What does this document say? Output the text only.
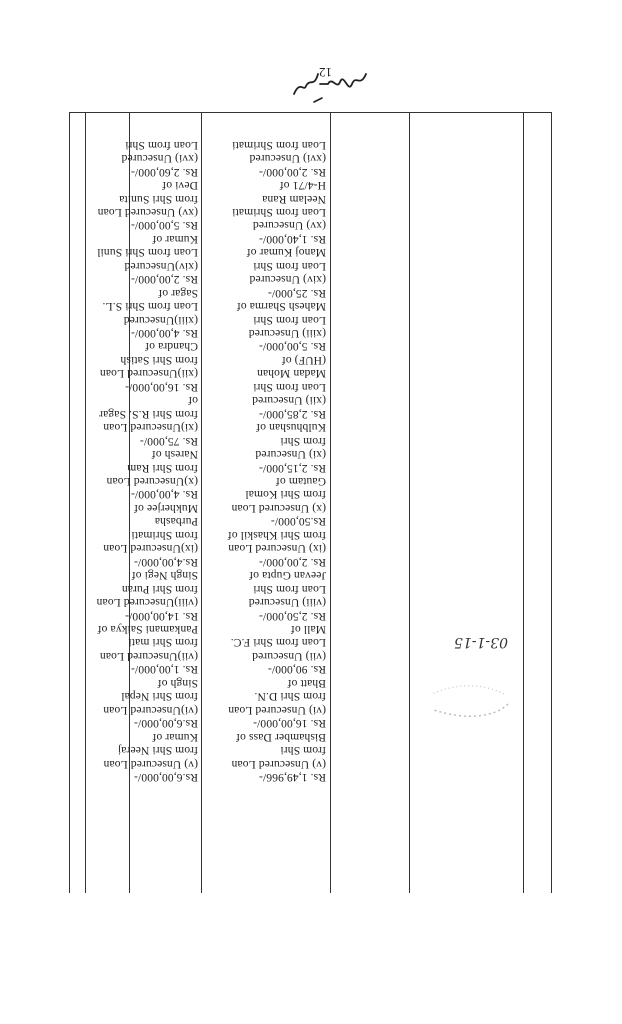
Rs. 1,49,966/-
(v) Unsecured Loan
from Shri
Bishamber Dass of
Rs. 16,00,000/-
(vi) Unsecured Loan
from Shri D.N.
Bhatt of
Rs. 90,000/-
(vii) Unsecured
Loan from Shri F.C.
Mall of
Rs. 2,50,000/-
(viii) Unsecured
Loan from Shri
Jeevan Gupta of
Rs. 2,00,000/-
(ix) Unsecured Loan
from Shri Khaskil of
Rs.50,000/-
(x) Unsecured Loan
from Shri Komal
Gautam of
Rs. 2,15,000/-
(xi) Unsecured
from Shri
Kulbhushan of
Rs. 2,85,000/-
(xii) Unsecured
Loan from Shri
Madan Mohan
(HUF) of
Rs. 5,00,000/-
(xiii) Unsecured
Loan from Shri
Mahesh Sharma of
Rs. 25,000/-
(xiv) Unsecured
Loan from Shri
Manoj Kumar of
Rs. 1,40,000/-
(xv) Unsecured
Loan from Shrimati
Neelam Rana
H-4/71 of
Rs. 2,00,000/-
(xvi) Unsecured
Loan from Shrimati
Rs.6,00,000/-
(v) Unsecured Loan
from Shri Neeraj
Kumar of
Rs.6,00,000/-
(vi)Unsecured Loan
from Shri Nepal
Singh of
Rs. 1,00,000/-
(vii)Unsecured Loan
from Shri mati
Pankamani Saikya of
Rs. 14,00,000/-
(viii)Unsecured Loan
from Shri Puran
Singh Negi of
Rs.4,00,000/-
(ix)Unsecured Loan
from Shrimati
Purbasha
Mukherjee of
Rs. 4,00,000/-
(x)Unsecured Loan
from Shri Ram
Naresh of
Rs. 75,000/-
(xi)Unsecured Loan
from Shri R.S. Sagar
of
Rs. 16,00,000/-
(xii)Unsecured Loan
from Shri Satish
Chandra of
Rs. 4,00,000/-
(xiii)Unsecured
Loan from Shri S.L.
Sagar of
Rs. 2,00,000/-
(xiv)Unsecured
Loan from Shri Sunil
Kumar of
Rs. 5,00,000/-
(xv) Unsecured Loan
from Shri Sunita
Devi of
Rs. 2,60,000/-
(xvi) Unsecured
Loan from Shri
12
03-1-15
